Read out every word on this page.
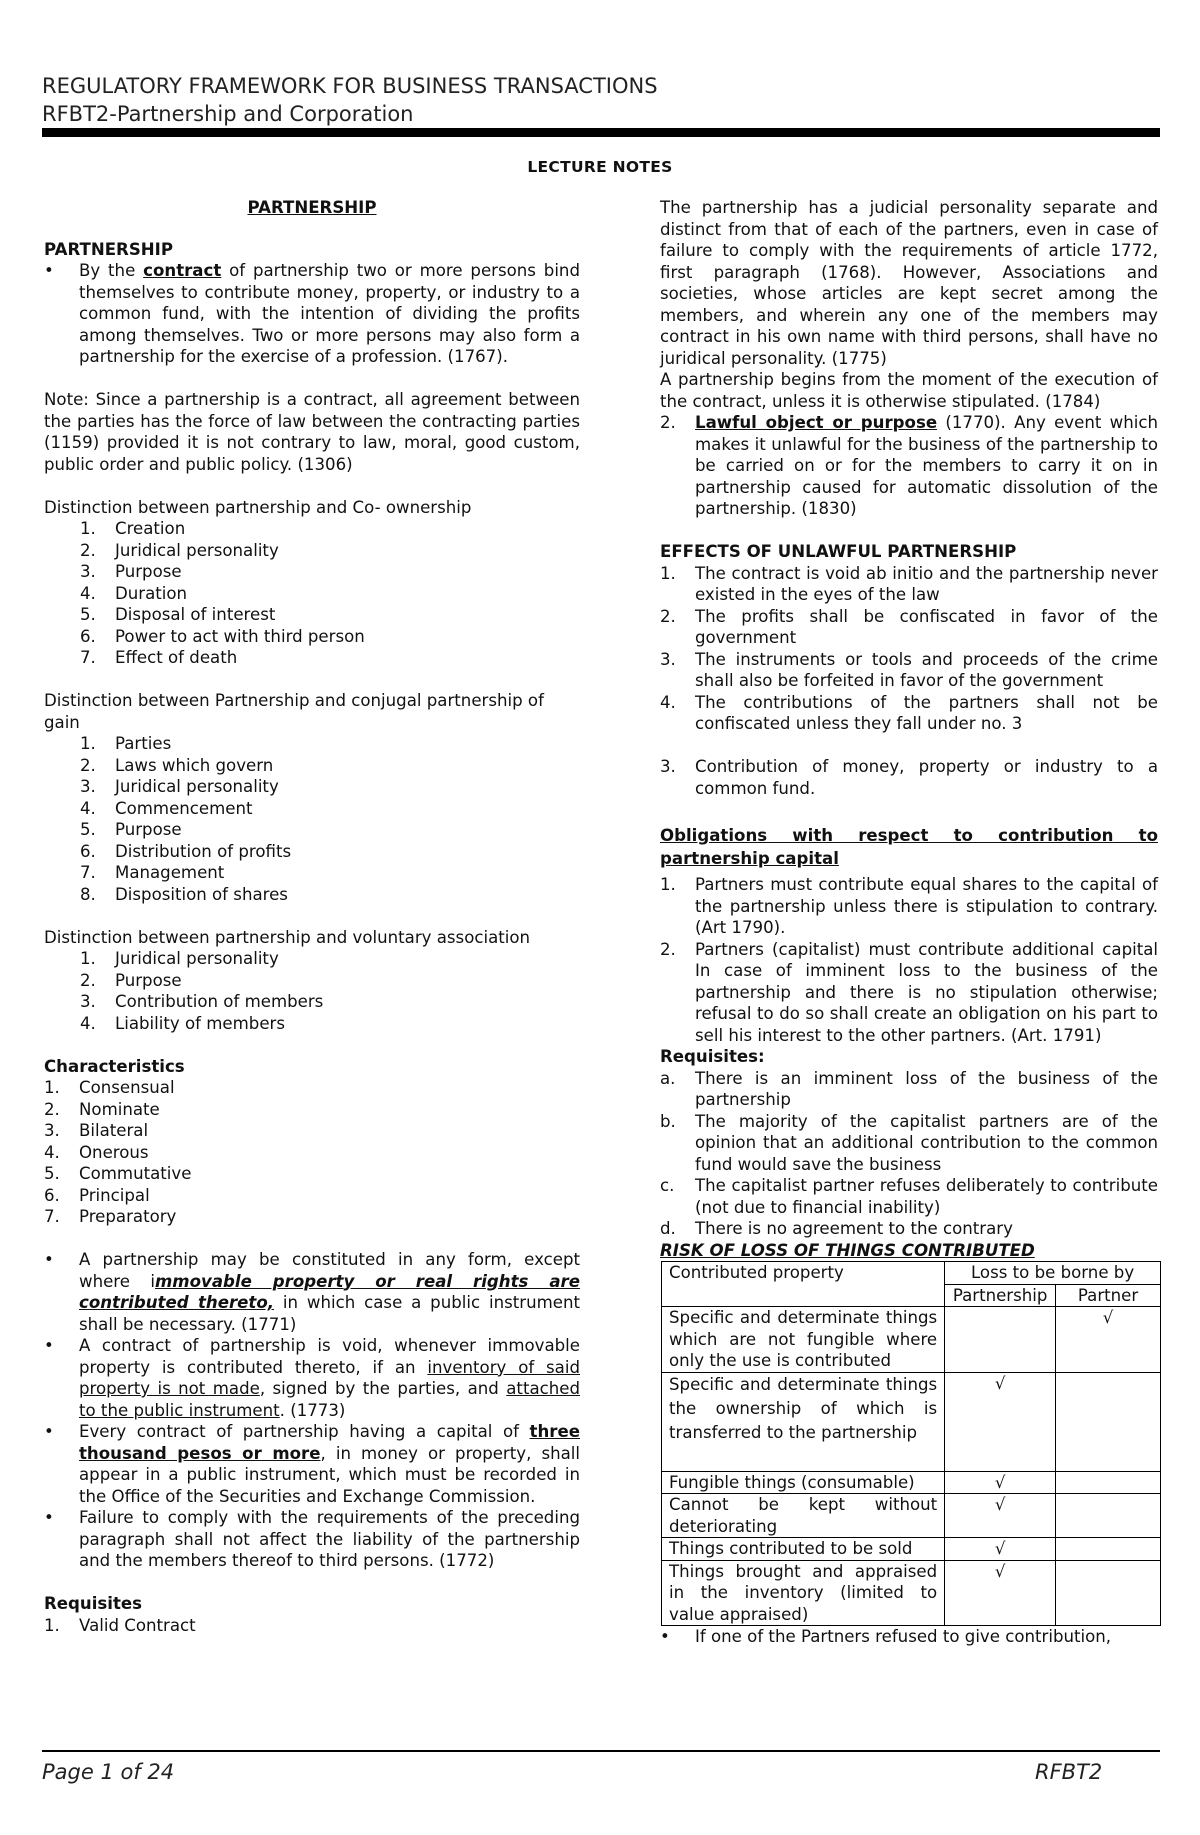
REGULATORY FRAMEWORK FOR BUSINESS TRANSACTIONS
RFBT2-Partnership and Corporation
LECTURE NOTES

PARTNERSHIP

PARTNERSHIP

• By the contract of partnership two or more persons bind themselves to contribute money, property, or industry to a common fund, with the intention of dividing the profits among themselves. Two or more persons may also form a partnership for the exercise of a profession. (1767).

Note: Since a partnership is a contract, all agreement between the parties has the force of law between the contracting parties (1159) provided it is not contrary to law, moral, good custom, public order and public policy. (1306)

Distinction between partnership and Co- ownership

1. Creation
2. Juridical personality
3. Purpose
4. Duration
5. Disposal of interest
6. Power to act with third person
7. Effect of death

Distinction between Partnership and conjugal partnership of gain

1. Parties
2. Laws which govern
3. Juridical personality
4. Commencement
5. Purpose
6. Distribution of profits
7. Management
8. Disposition of shares

Distinction between partnership and voluntary association

1. Juridical personality
2. Purpose
3. Contribution of members
4. Liability of members

Characteristics

1. Consensual
2. Nominate
3. Bilateral
4. Onerous
5. Commutative
6. Principal
7. Preparatory
• A partnership may be constituted in any form, except where immovable property or real rights are contributed thereto, in which case a public instrument shall be necessary. (1771)
• A contract of partnership is void, whenever immovable property is contributed thereto, if an inventory of said property is not made, signed by the parties, and attached to the public instrument. (1773)
• Every contract of partnership having a capital of three thousand pesos or more, in money or property, shall appear in a public instrument, which must be recorded in the Office of the Securities and Exchange Commission.
• Failure to comply with the requirements of the preceding paragraph shall not affect the liability of the partnership and the members thereof to third persons. (1772)

Requisites

1. Valid Contract

The partnership has a judicial personality separate and distinct from that of each of the partners, even in case of failure to comply with the requirements of article 1772, first paragraph (1768). However, Associations and societies, whose articles are kept secret among the members, and wherein any one of the members may contract in his own name with third persons, shall have no juridical personality. (1775)

A partnership begins from the moment of the execution of the contract, unless it is otherwise stipulated. (1784)

2. Lawful object or purpose (1770). Any event which makes it unlawful for the business of the partnership to be carried on or for the members to carry it on in partnership caused for automatic dissolution of the partnership. (1830)

EFFECTS OF UNLAWFUL PARTNERSHIP

1. The contract is void ab initio and the partnership never existed in the eyes of the law
2. The profits shall be confiscated in favor of the government
3. The instruments or tools and proceeds of the crime shall also be forfeited in favor of the government
4. The contributions of the partners shall not be confiscated unless they fall under no. 3
3. Contribution of money, property or industry to a common fund.

Obligations with respect to contribution to partnership capital

1. Partners must contribute equal shares to the capital of the partnership unless there is stipulation to contrary. (Art 1790).
2. Partners (capitalist) must contribute additional capital In case of imminent loss to the business of the partnership and there is no stipulation otherwise; refusal to do so shall create an obligation on his part to sell his interest to the other partners. (Art. 1791)

Requisites:

a. There is an imminent loss of the business of the partnership
b. The majority of the capitalist partners are of the opinion that an additional contribution to the common fund would save the business
c. The capitalist partner refuses deliberately to contribute (not due to financial inability)
d. There is no agreement to the contrary

RISK OF LOSS OF THINGS CONTRIBUTED

Contributed property	Loss to be borne by	
	Partnership	Partner
Specific and determinate things which are not fungible where only the use is contributed		√
Specific and determinate things the ownership of which is transferred to the partnership	√	
Fungible things (consumable)	√	
Cannot be kept without deteriorating	√	
Things contributed to be sold	√	
Things brought and appraised in the inventory (limited to value appraised)	√	
• If one of the Partners refused to give contribution,
Page 1 of 24	RFBT2
